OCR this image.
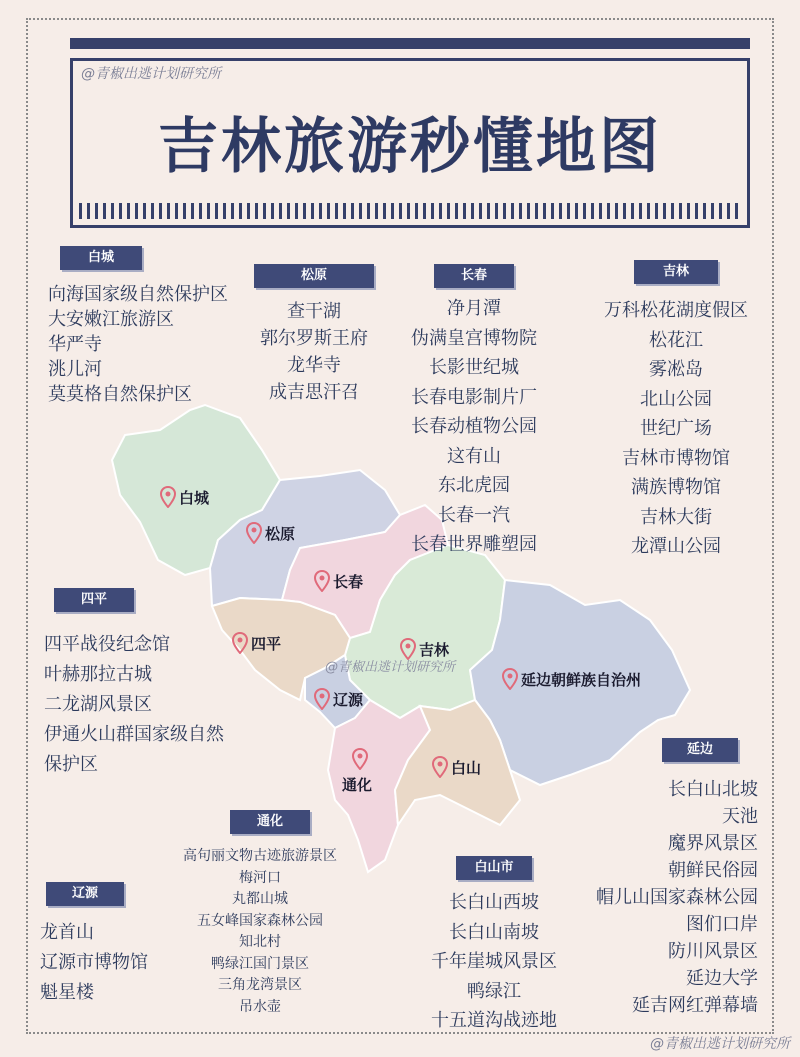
@青椒出逃计划研究所
吉林旅游秒懂地图
@青椒出逃计划研究所
白城
松原
长春
吉林
延边朝鲜族自治州
四平
辽源
通化
白山
白城
松原	长春	吉林
四平
延边
通化
辽源
白山市
向海国家级自然保护区
大安嫩江旅游区
华严寺
洮儿河
莫莫格自然保护区
查干湖
郭尔罗斯王府
龙华寺
成吉思汗召
净月潭
伪满皇宫博物院
长影世纪城
长春电影制片厂
长春动植物公园
这有山
东北虎园
长春一汽
长春世界雕塑园
万科松花湖度假区
松花江
雾凇岛
北山公园
世纪广场
吉林市博物馆
满族博物馆
吉林大街
龙潭山公园
四平战役纪念馆
叶赫那拉古城
二龙湖风景区
伊通火山群国家级自然
保护区
长白山北坡
天池
魔界风景区
朝鲜民俗园
帽儿山国家森林公园
图们口岸
防川风景区
延边大学
延吉网红弹幕墙
高句丽文物古迹旅游景区
梅河口
丸都山城
五女峰国家森林公园
知北村
鸭绿江国门景区
三角龙湾景区
吊水壶
龙首山
辽源市博物馆
魁星楼
长白山西坡
长白山南坡
千年崖城风景区
鸭绿江
十五道沟战迹地
@青椒出逃计划研究所
